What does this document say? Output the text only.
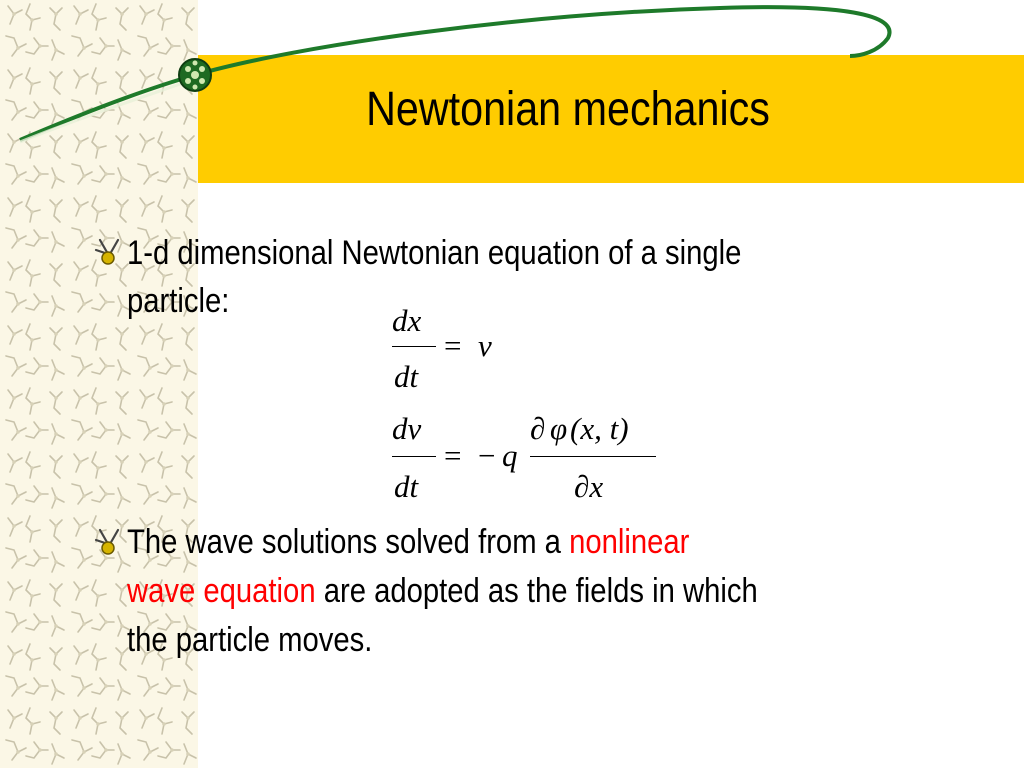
Newtonian mechanics
1-d dimensional Newtonian equation of a single
particle:
dx
dt
= v
dv
dt
= − q
∂ φ (x, t)
∂x
The wave solutions solved from a nonlinear
wave equation are adopted as the fields in which
the particle moves.
